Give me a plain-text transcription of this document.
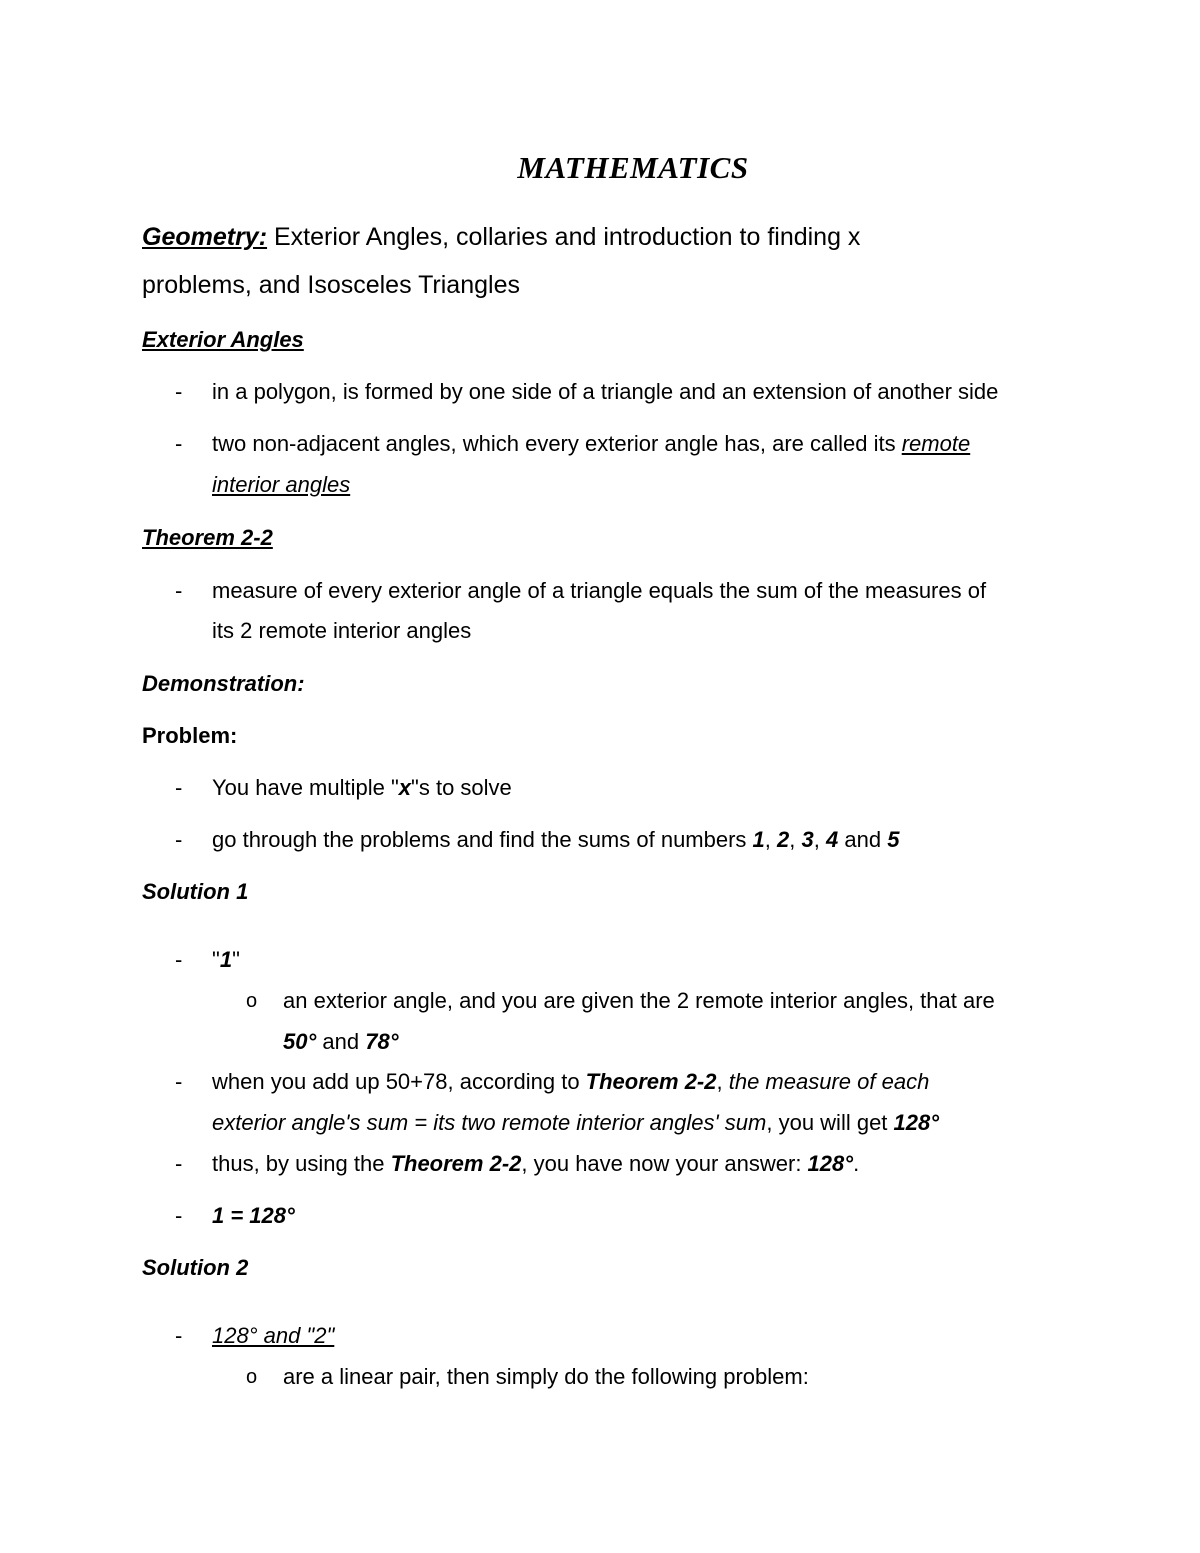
MATHEMATICS
Geometry: Exterior Angles, collaries and introduction to finding x
problems, and Isosceles Triangles
Exterior Angles
- in a polygon, is formed by one side of a triangle and an extension of another side
- two non-adjacent angles, which every exterior angle has, are called its remote
interior angles
Theorem 2-2
- measure of every exterior angle of a triangle equals the sum of the measures of
its 2 remote interior angles
Demonstration:
Problem:
- You have multiple "x"s to solve
- go through the problems and find the sums of numbers 1, 2, 3, 4 and 5
Solution 1
- "1"
o an exterior angle, and you are given the 2 remote interior angles, that are
50° and 78°
- when you add up 50+78, according to Theorem 2-2, the measure of each
exterior angle's sum = its two remote interior angles' sum, you will get 128°
- thus, by using the Theorem 2-2, you have now your answer: 128°.
- 1 = 128°
Solution 2
- 128° and "2"
o are a linear pair, then simply do the following problem:
